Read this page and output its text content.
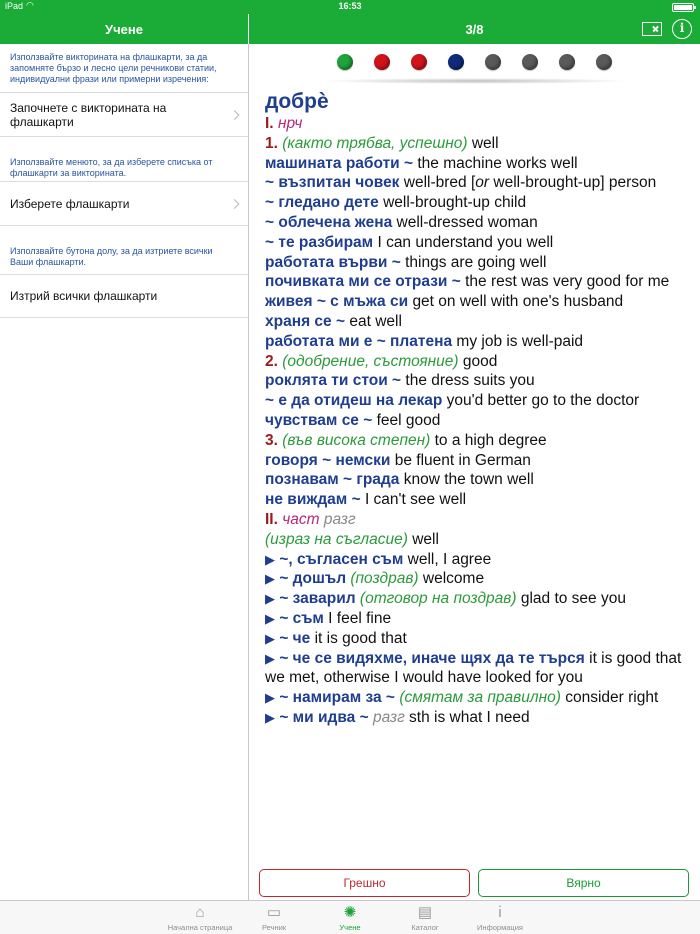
iPad ◠	16:53
Учене	3/8	i
Използвайте викторината на флашкарти, за да запомняте бързо и лесно цели речникови статии, индивидуални фрази или примерни изречения:
Започнете с викторината на флашкарти
Използвайте менюто, за да изберете списъка от флашкарти за викторината.
Изберете флашкарти
Използвайте бутона долу, за да изтриете всички Ваши флашкарти.
Изтрий всички флашкарти
добрѐ
I. нрч
1. (както трябва, успешно) well
машината работи ~ the machine works well
~ възпитан човек well-bred [or well-brought-up] person
~ гледано дете well-brought-up child
~ облечена жена well-dressed woman
~ те разбирам I can understand you well
работата върви ~ things are going well
почивката ми се отрази ~ the rest was very good for me
живея ~ с мъжа си get on well with one's husband
храня се ~ eat well
работата ми е ~ платена my job is well-paid
2. (одобрение, състояние) good
роклята ти стои ~ the dress suits you
~ е да отидеш на лекар you'd better go to the doctor
чувствам се ~ feel good
3. (във висока степен) to a high degree
говоря ~ немски be fluent in German
познавам ~ града know the town well
не виждам ~ I can't see well
II. част разг
(израз на съгласие) well
▶ ~, съгласен съм well, I agree
▶ ~ дошъл (поздрав) welcome
▶ ~ заварил (отговор на поздрав) glad to see you
▶ ~ съм I feel fine
▶ ~ че it is good that
▶ ~ че се видяхме, иначе щях да те търся it is good that we met, otherwise I would have looked for you
▶ ~ намирам за ~ (смятам за правилно) consider right
▶ ~ ми идва ~ разг sth is what I need
Грешно	Вярно
⌂
Начална страница
▭
Речник
✺
Учене
▤
Каталог
ⅰ
Информация
